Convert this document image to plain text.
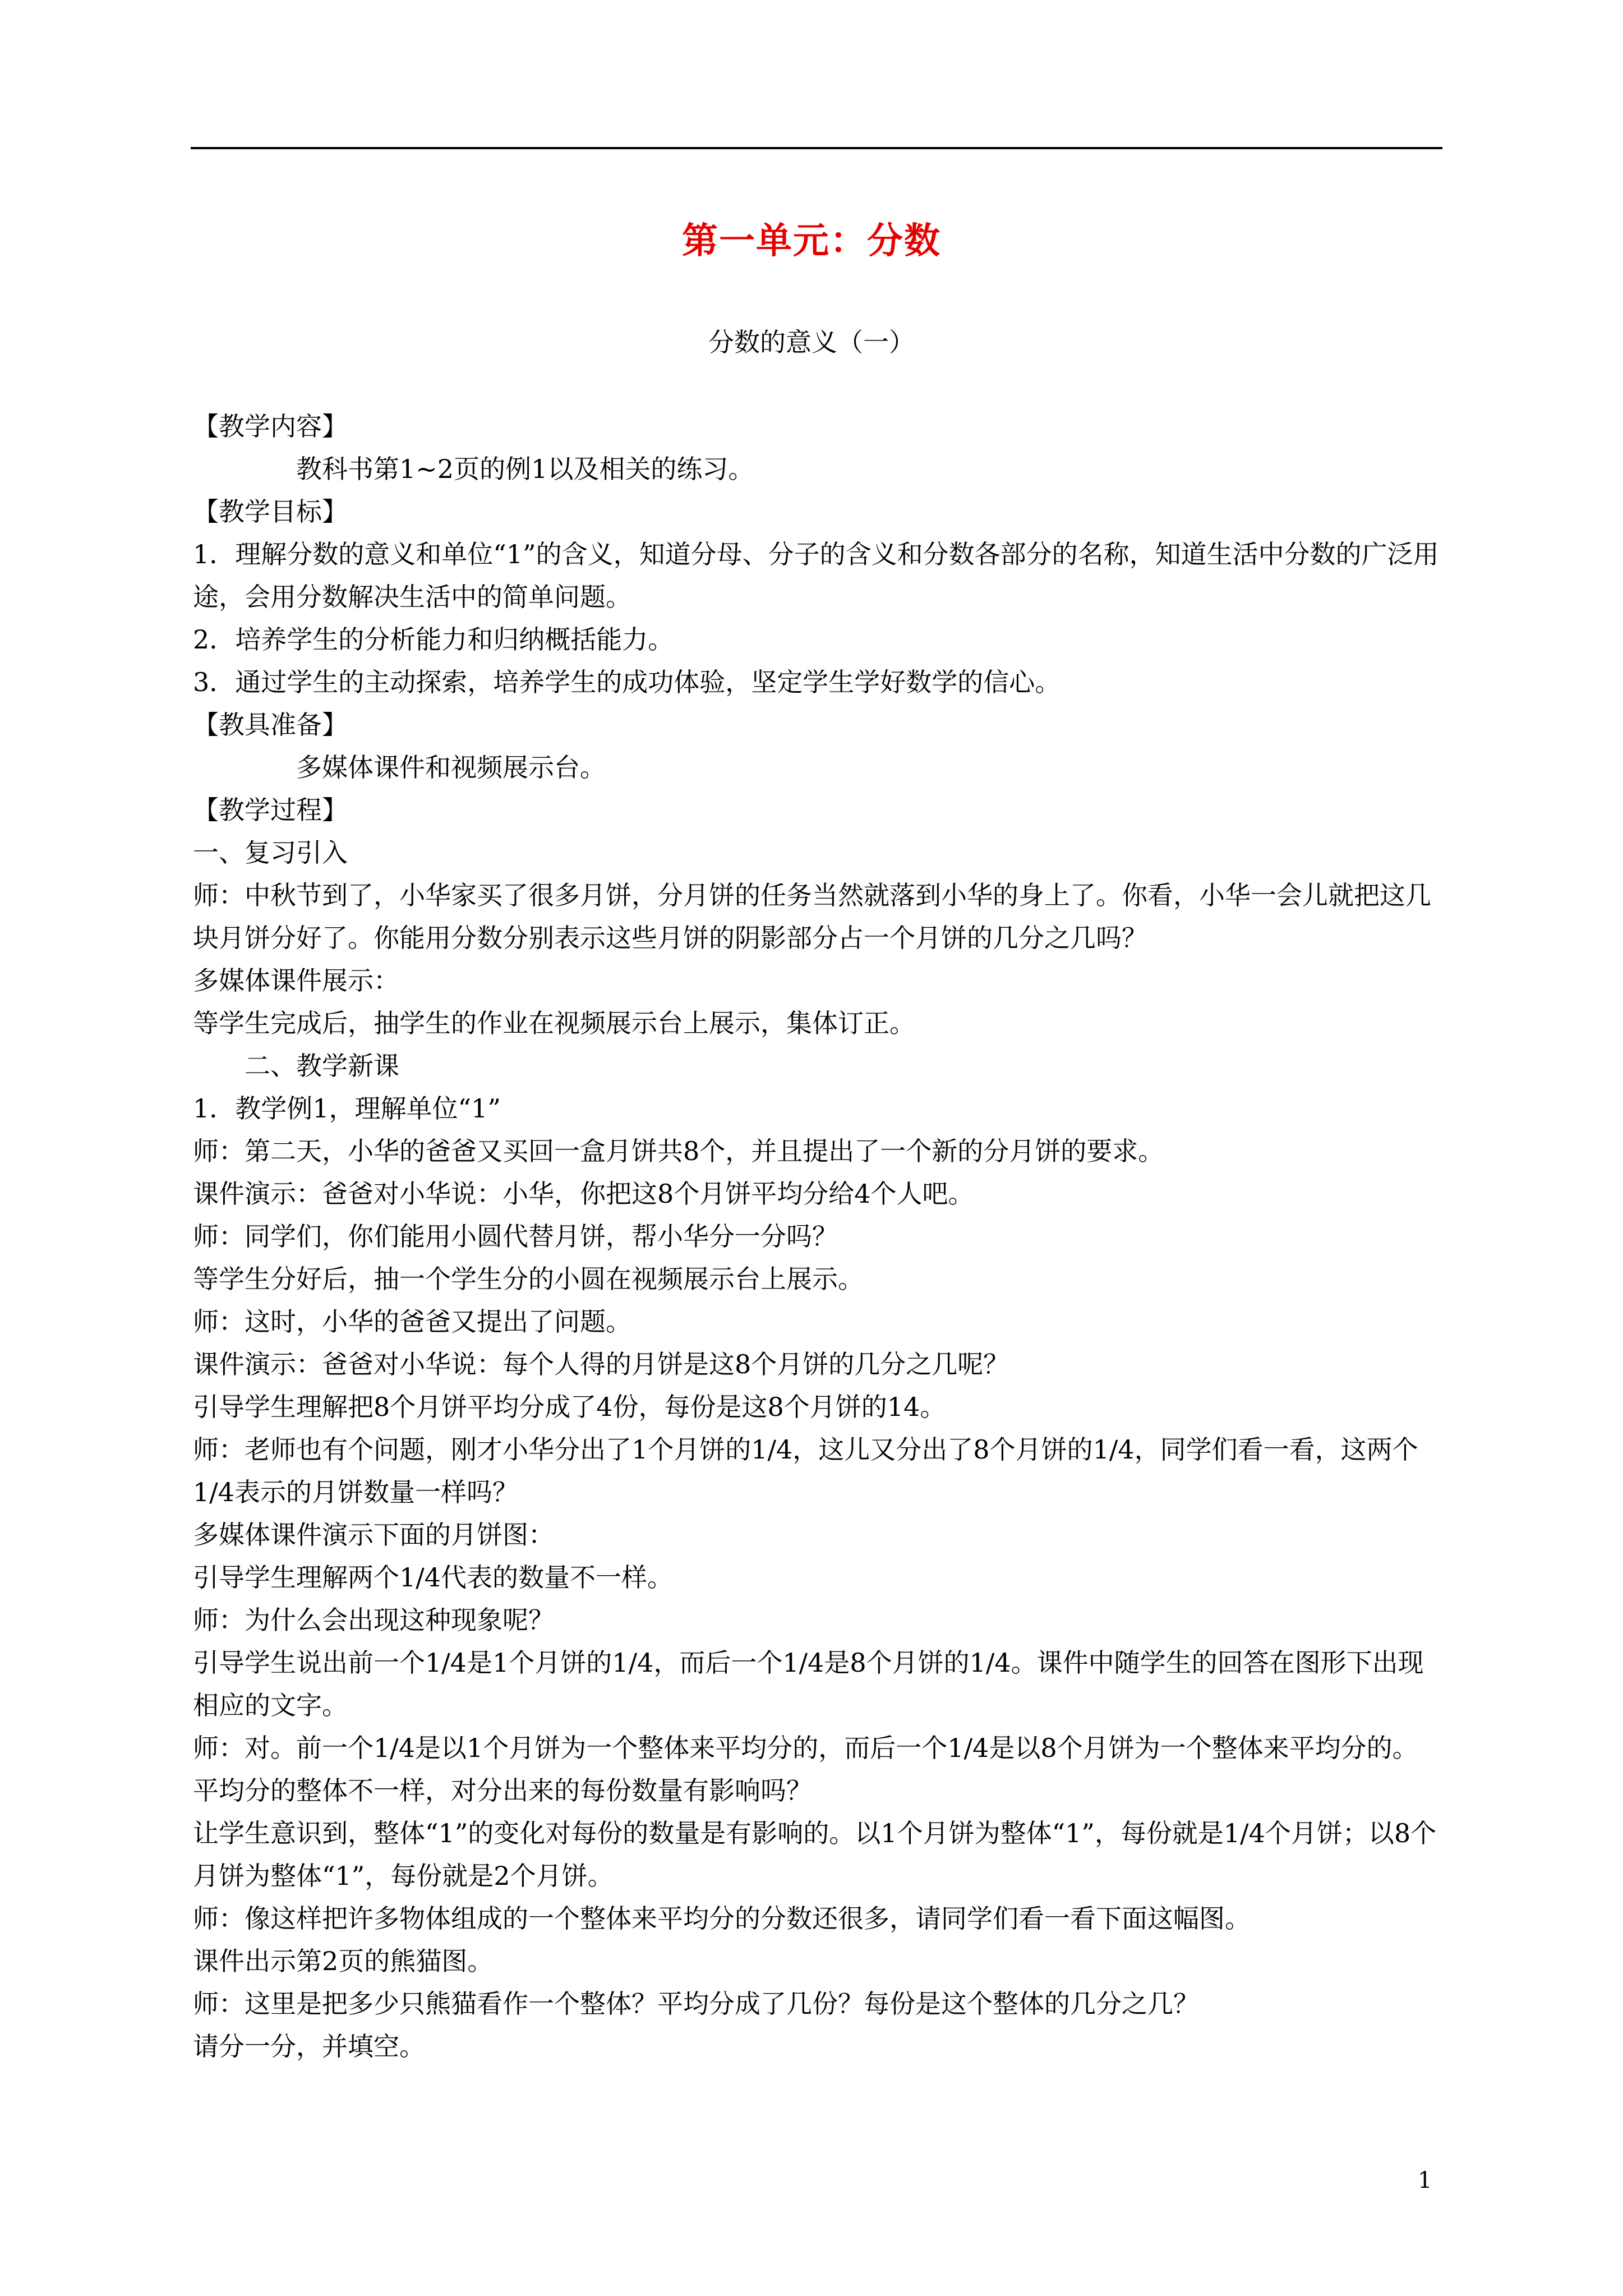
第一单元：分数
分数的意义（一）

【教学内容】

教科书第1~2页的例1以及相关的练习。

【教学目标】

1．理解分数的意义和单位“1”的含义，知道分母、分子的含义和分数各部分的名称，知道生活中分数的广泛用途，会用分数解决生活中的简单问题。

2．培养学生的分析能力和归纳概括能力。

3．通过学生的主动探索，培养学生的成功体验，坚定学生学好数学的信心。

【教具准备】

多媒体课件和视频展示台。

【教学过程】

一、复习引入

师：中秋节到了，小华家买了很多月饼，分月饼的任务当然就落到小华的身上了。你看，小华一会儿就把这几块月饼分好了。你能用分数分别表示这些月饼的阴影部分占一个月饼的几分之几吗？

多媒体课件展示：

等学生完成后，抽学生的作业在视频展示台上展示，集体订正。

二、教学新课

1．教学例1，理解单位“1”

师：第二天，小华的爸爸又买回一盒月饼共8个，并且提出了一个新的分月饼的要求。

课件演示：爸爸对小华说：小华，你把这8个月饼平均分给4个人吧。

师：同学们，你们能用小圆代替月饼，帮小华分一分吗？

等学生分好后，抽一个学生分的小圆在视频展示台上展示。

师：这时，小华的爸爸又提出了问题。

课件演示：爸爸对小华说：每个人得的月饼是这8个月饼的几分之几呢？

引导学生理解把8个月饼平均分成了4份，每份是这8个月饼的14。

师：老师也有个问题，刚才小华分出了1个月饼的1/4，这儿又分出了8个月饼的1/4，同学们看一看，这两个1/4表示的月饼数量一样吗？

多媒体课件演示下面的月饼图：

引导学生理解两个1/4代表的数量不一样。

师：为什么会出现这种现象呢？

引导学生说出前一个1/4是1个月饼的1/4，而后一个1/4是8个月饼的1/4。课件中随学生的回答在图形下出现相应的文字。

师：对。前一个1/4是以1个月饼为一个整体来平均分的，而后一个1/4是以8个月饼为一个整体来平均分的。平均分的整体不一样，对分出来的每份数量有影响吗？

让学生意识到，整体“1”的变化对每份的数量是有影响的。以1个月饼为整体“1”，每份就是1/4个月饼；以8个月饼为整体“1”，每份就是2个月饼。

师：像这样把许多物体组成的一个整体来平均分的分数还很多，请同学们看一看下面这幅图。

课件出示第2页的熊猫图。

师：这里是把多少只熊猫看作一个整体？平均分成了几份？每份是这个整体的几分之几？

请分一分，并填空。

1
